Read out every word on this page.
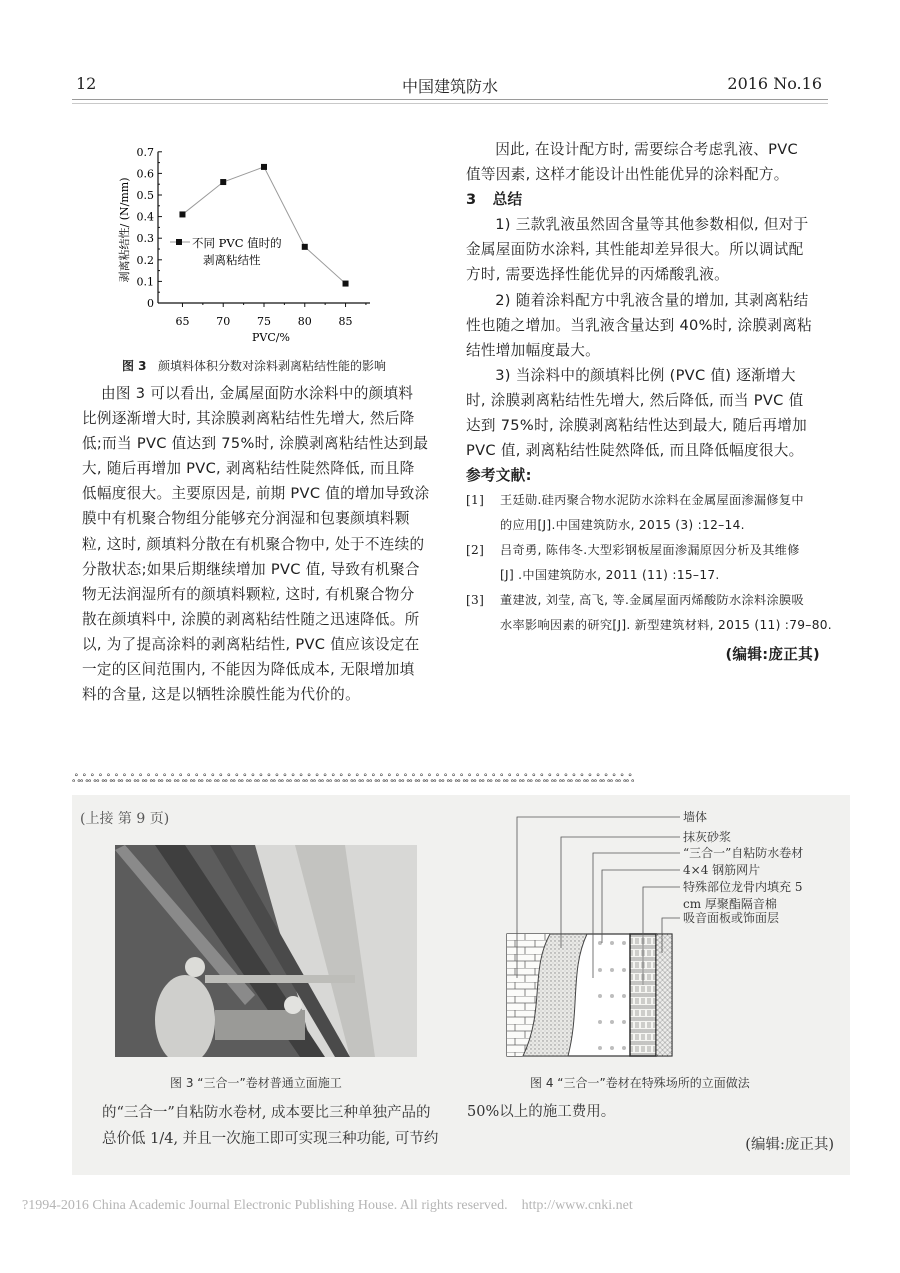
12	中国建筑防水	2016 No.16
0
0.1
0.2
0.3
0.4
0.5
0.6
0.7
65 70 75 80 85
不同 PVC 值时的
剥离粘结性
PVC/%
剥离粘结性/ (N/mm)
图 3 颜填料体积分数对涂料剥离粘结性能的影响

由图 3 可以看出, 金属屋面防水涂料中的颜填料

比例逐渐增大时, 其涂膜剥离粘结性先增大, 然后降

低;而当 PVC 值达到 75%时, 涂膜剥离粘结性达到最

大, 随后再增加 PVC, 剥离粘结性陡然降低, 而且降

低幅度很大。主要原因是, 前期 PVC 值的增加导致涂

膜中有机聚合物组分能够充分润湿和包裹颜填料颗

粒, 这时, 颜填料分散在有机聚合物中, 处于不连续的

分散状态;如果后期继续增加 PVC 值, 导致有机聚合

物无法润湿所有的颜填料颗粒, 这时, 有机聚合物分

散在颜填料中, 涂膜的剥离粘结性随之迅速降低。所

以, 为了提高涂料的剥离粘结性, PVC 值应该设定在

一定的区间范围内, 不能因为降低成本, 无限增加填

料的含量, 这是以牺牲涂膜性能为代价的。

因此, 在设计配方时, 需要综合考虑乳液、PVC

值等因素, 这样才能设计出性能优异的涂料配方。

3 总结

1) 三款乳液虽然固含量等其他参数相似, 但对于

金属屋面防水涂料, 其性能却差异很大。所以调试配

方时, 需要选择性能优异的丙烯酸乳液。

2) 随着涂料配方中乳液含量的增加, 其剥离粘结

性也随之增加。当乳液含量达到 40%时, 涂膜剥离粘

结性增加幅度最大。

3) 当涂料中的颜填料比例 (PVC 值) 逐渐增大

时, 涂膜剥离粘结性先增大, 然后降低, 而当 PVC 值

达到 75%时, 涂膜剥离粘结性达到最大, 随后再增加

PVC 值, 剥离粘结性陡然降低, 而且降低幅度很大。

参考文献:

[1] 王廷勋.硅丙聚合物水泥防水涂料在金属屋面渗漏修复中
的应用[J].中国建筑防水, 2015 (3) :12–14.
[2] 吕奇勇, 陈伟冬.大型彩钢板屋面渗漏原因分析及其维修
[J] .中国建筑防水, 2011 (11) :15–17.
[3] 董建波, 刘莹, 高飞, 等.金属屋面丙烯酸防水涂料涂膜吸
水率影响因素的研究[J]. 新型建筑材料, 2015 (11) :79–80.

(编辑:庞正其)

ஃஃஃஃஃஃஃஃஃஃஃஃஃஃஃஃஃஃஃஃஃஃஃஃஃஃஃஃஃஃஃஃஃஃஃஃஃஃஃஃஃஃஃஃஃஃஃஃஃஃஃஃஃஃஃஃஃஃஃஃஃஃஃஃஃஃஃஃஃஃ
(上接 第 9 页)	墙体
抹灰砂浆
“三合一”自粘防水卷材
4×4 钢筋网片
特殊部位龙骨内填充 5
cm 厚聚酯隔音棉
吸音面板或饰面层
图 3 “三合一”卷材普通立面施工	图 4 “三合一”卷材在特殊场所的立面做法
的“三合一”自粘防水卷材, 成本要比三种单独产品的
总价低 1/4, 并且一次施工即可实现三种功能, 可节约
50%以上的施工费用。
(编辑:庞正其)
?1994-2016 China Academic Journal Electronic Publishing House. All rights reserved. http://www.cnki.net
